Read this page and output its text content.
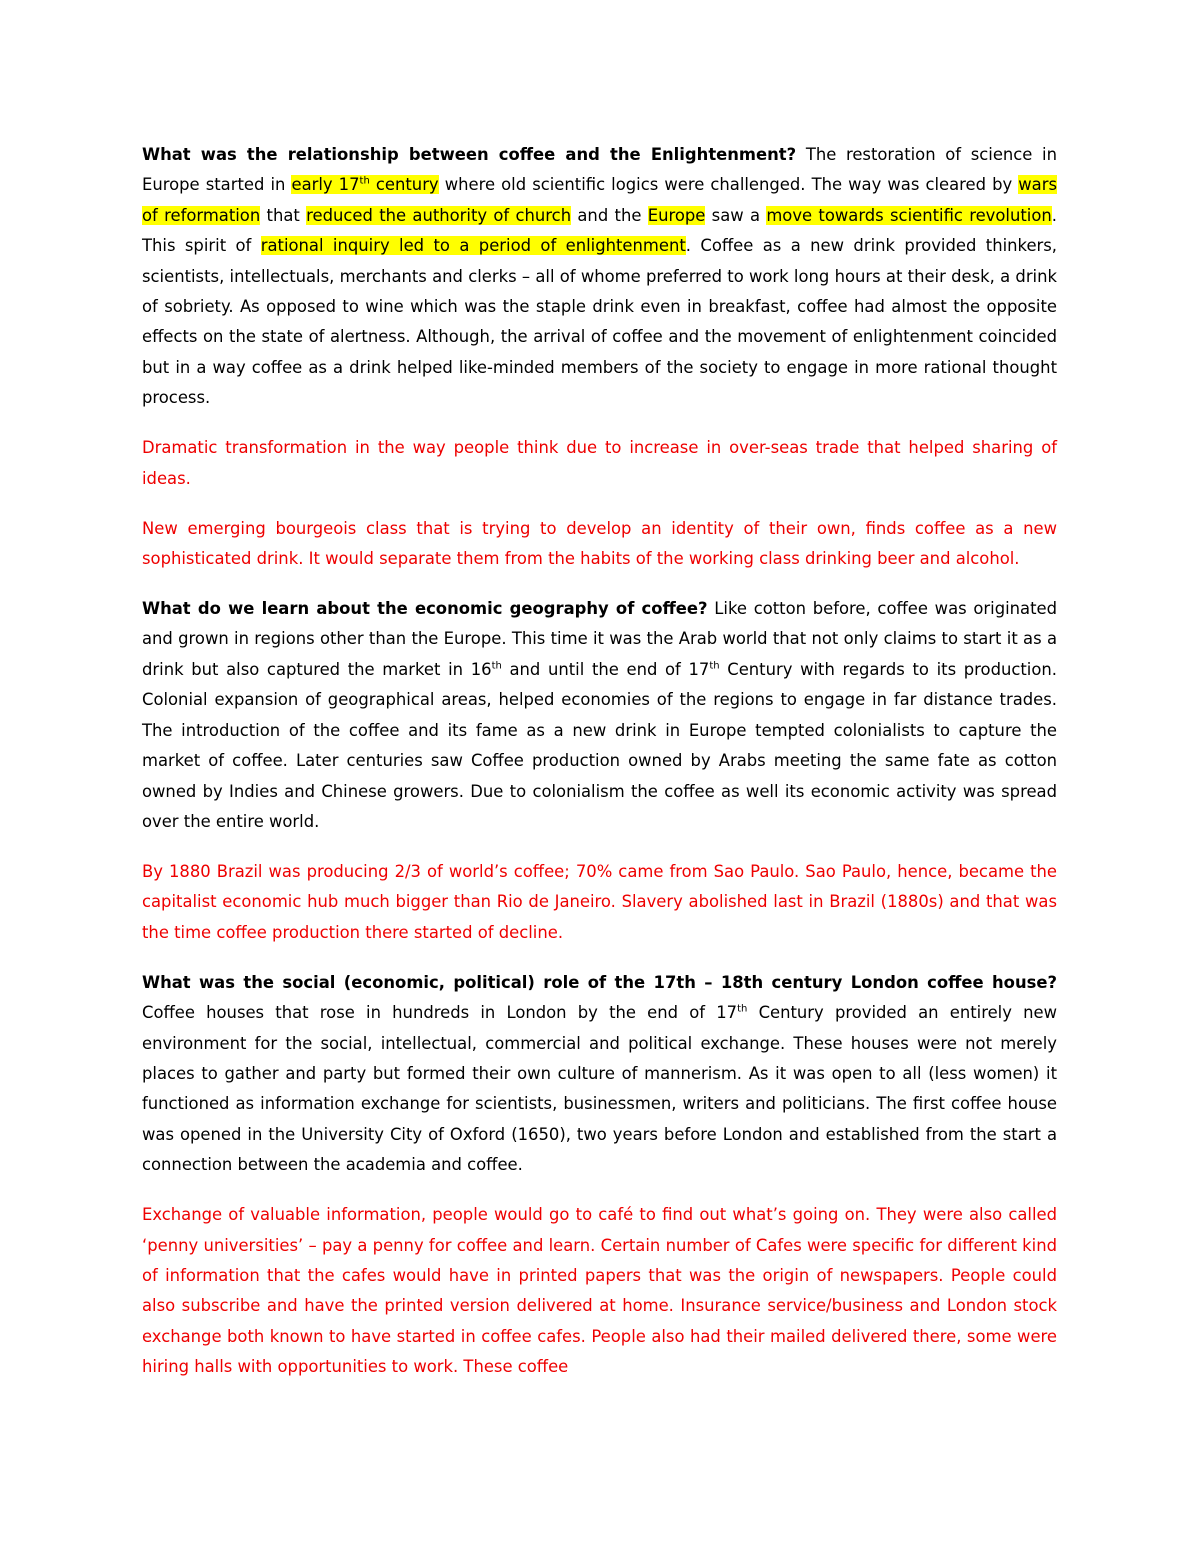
What was the relationship between coffee and the Enlightenment? The restoration of science in Europe started in early 17th century where old scientific logics were challenged. The way was cleared by wars of reformation that reduced the authority of church and the Europe saw a move towards scientific revolution. This spirit of rational inquiry led to a period of enlightenment. Coffee as a new drink provided thinkers, scientists, intellectuals, merchants and clerks – all of whome preferred to work long hours at their desk, a drink of sobriety. As opposed to wine which was the staple drink even in breakfast, coffee had almost the opposite effects on the state of alertness. Although, the arrival of coffee and the movement of enlightenment coincided but in a way coffee as a drink helped like-minded members of the society to engage in more rational thought process.

Dramatic transformation in the way people think due to increase in over-seas trade that helped sharing of ideas.

New emerging bourgeois class that is trying to develop an identity of their own, finds coffee as a new sophisticated drink. It would separate them from the habits of the working class drinking beer and alcohol.

What do we learn about the economic geography of coffee? Like cotton before, coffee was originated and grown in regions other than the Europe. This time it was the Arab world that not only claims to start it as a drink but also captured the market in 16th and until the end of 17th Century with regards to its production. Colonial expansion of geographical areas, helped economies of the regions to engage in far distance trades. The introduction of the coffee and its fame as a new drink in Europe tempted colonialists to capture the market of coffee. Later centuries saw Coffee production owned by Arabs meeting the same fate as cotton owned by Indies and Chinese growers. Due to colonialism the coffee as well its economic activity was spread over the entire world.

By 1880 Brazil was producing 2/3 of world’s coffee; 70% came from Sao Paulo. Sao Paulo, hence, became the capitalist economic hub much bigger than Rio de Janeiro. Slavery abolished last in Brazil (1880s) and that was the time coffee production there started of decline.

What was the social (economic, political) role of the 17th – 18th century London coffee house? Coffee houses that rose in hundreds in London by the end of 17th Century provided an entirely new environment for the social, intellectual, commercial and political exchange. These houses were not merely places to gather and party but formed their own culture of mannerism. As it was open to all (less women) it functioned as information exchange for scientists, businessmen, writers and politicians. The first coffee house was opened in the University City of Oxford (1650), two years before London and established from the start a connection between the academia and coffee.

Exchange of valuable information, people would go to café to find out what’s going on. They were also called ‘penny universities’ – pay a penny for coffee and learn. Certain number of Cafes were specific for different kind of information that the cafes would have in printed papers that was the origin of newspapers. People could also subscribe and have the printed version delivered at home. Insurance service/business and London stock exchange both known to have started in coffee cafes. People also had their mailed delivered there, some were hiring halls with opportunities to work. These coffee
